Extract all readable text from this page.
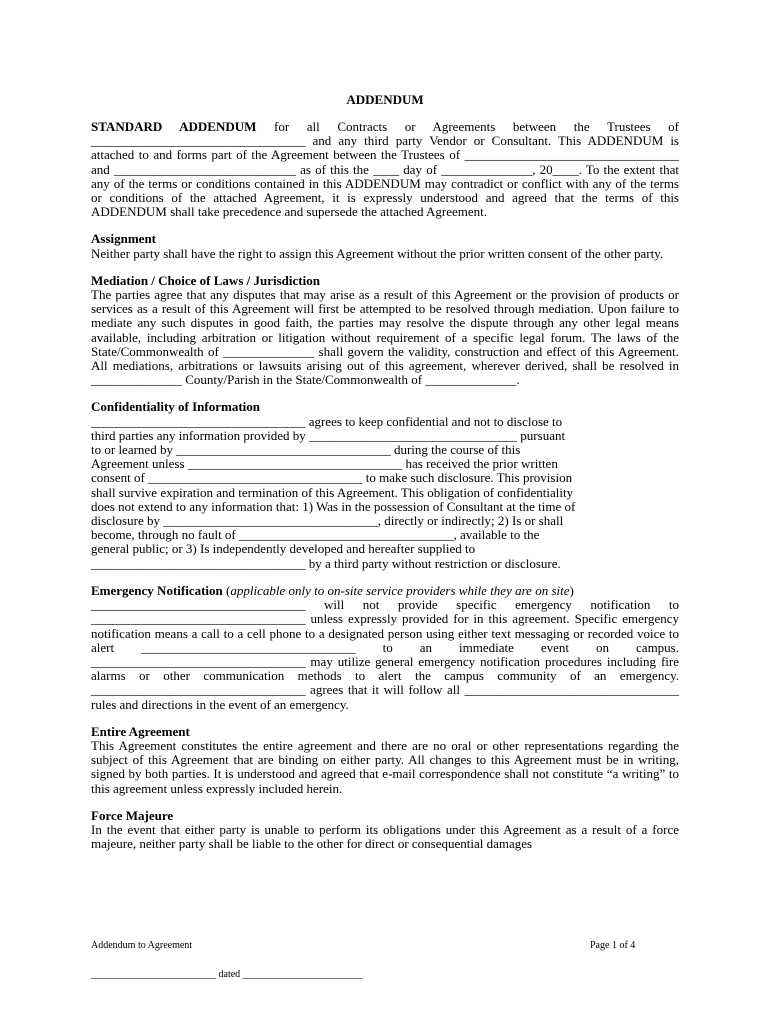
ADDENDUM

STANDARD ADDENDUM for all Contracts or Agreements between the Trustees of _________________________________ and any third party Vendor or Consultant. This ADDENDUM is attached to and forms part of the Agreement between the Trustees of _________________________________ and ____________________________ as of this the ____ day of ______________, 20____. To the extent that any of the terms or conditions contained in this ADDENDUM may contradict or conflict with any of the terms or conditions of the attached Agreement, it is expressly understood and agreed that the terms of this ADDENDUM shall take precedence and supersede the attached Agreement.

Assignment

Neither party shall have the right to assign this Agreement without the prior written consent of the other party.

Mediation / Choice of Laws / Jurisdiction

The parties agree that any disputes that may arise as a result of this Agreement or the provision of products or services as a result of this Agreement will first be attempted to be resolved through mediation. Upon failure to mediate any such disputes in good faith, the parties may resolve the dispute through any other legal means available, including arbitration or litigation without requirement of a specific legal forum. The laws of the State/Commonwealth of ______________ shall govern the validity, construction and effect of this Agreement. All mediations, arbitrations or lawsuits arising out of this agreement, wherever derived, shall be resolved in ______________ County/Parish in the State/Commonwealth of ______________.

Confidentiality of Information

_________________________________ agrees to keep confidential and not to disclose to

third parties any information provided by ________________________________ pursuant

to or learned by _________________________________ during the course of this

Agreement unless _________________________________ has received the prior written

consent of _________________________________ to make such disclosure. This provision

shall survive expiration and termination of this Agreement. This obligation of confidentiality

does not extend to any information that: 1) Was in the possession of Consultant at the time of

disclosure by _________________________________, directly or indirectly; 2) Is or shall

become, through no fault of _________________________________, available to the

general public; or 3) Is independently developed and hereafter supplied to

_________________________________ by a third party without restriction or disclosure.

Emergency Notification (applicable only to on-site service providers while they are on site)

_________________________________ will not provide specific emergency notification to _________________________________ unless expressly provided for in this agreement. Specific emergency notification means a call to a cell phone to a designated person using either text messaging or recorded voice to alert _________________________________ to an immediate event on campus. _________________________________ may utilize general emergency notification procedures including fire alarms or other communication methods to alert the campus community of an emergency. _________________________________ agrees that it will follow all _________________________________ rules and directions in the event of an emergency.

Entire Agreement

This Agreement constitutes the entire agreement and there are no oral or other representations regarding the subject of this Agreement that are binding on either party. All changes to this Agreement must be in writing, signed by both parties. It is understood and agreed that e-mail correspondence shall not constitute “a writing” to this agreement unless expressly included herein.

Force Majeure

In the event that either party is unable to perform its obligations under this Agreement as a result of a force majeure, neither party shall be liable to the other for direct or consequential damages

Addendum to Agreement	Page 1 of 4
_________________________ dated ________________________
